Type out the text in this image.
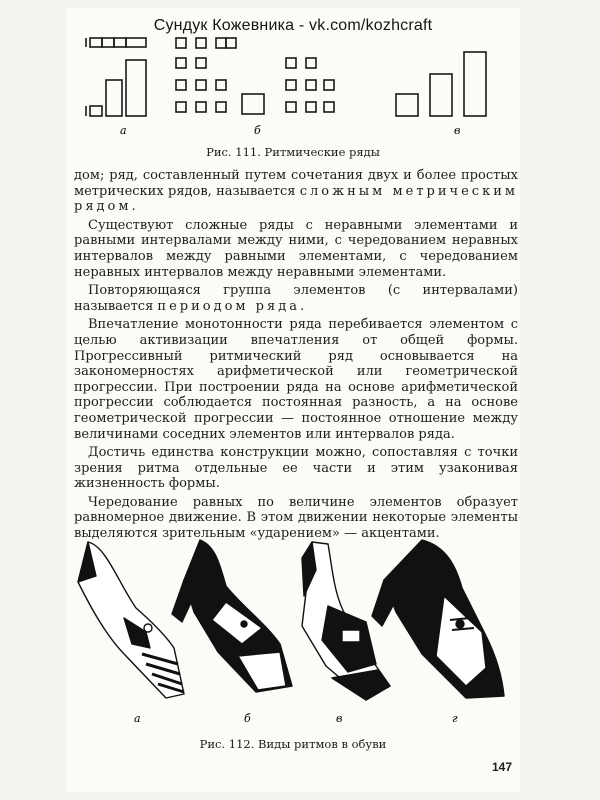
Сундук Кожевника - vk.com/kozhcraft
а	б	в
Рис. 111. Ритмические ряды

дом; ряд, составленный путем сочетания двух и более простых метрических рядов, называется сложным метрическим рядом.

Существуют сложные ряды с неравными элементами и равными интервалами между ними, с чередованием неравных интервалов между равными элементами, с чередованием неравных интервалов между неравными элементами.

Повторяющаяся группа элементов (с интервалами) называется периодом ряда.

Впечатление монотонности ряда перебивается элементом с целью активизации впечатления от общей формы. Прогрессивный ритмический ряд основывается на закономерностях арифметической или геометрической прогрессии. При построении ряда на основе арифметической прогрессии соблюдается постоянная разность, а на основе геометрической прогрессии — постоянное отношение между величинами соседних элементов или интервалов ряда.

Достичь единства конструкции можно, сопоставляя с точки зрения ритма отдельные ее части и этим узаконивая жизненность формы.

Чередование равных по величине элементов образует равномерное движение. В этом движении некоторые элементы выделяются зрительным «ударением» — акцентами.

а	б	в	г
Рис. 112. Виды ритмов в обуви
147
